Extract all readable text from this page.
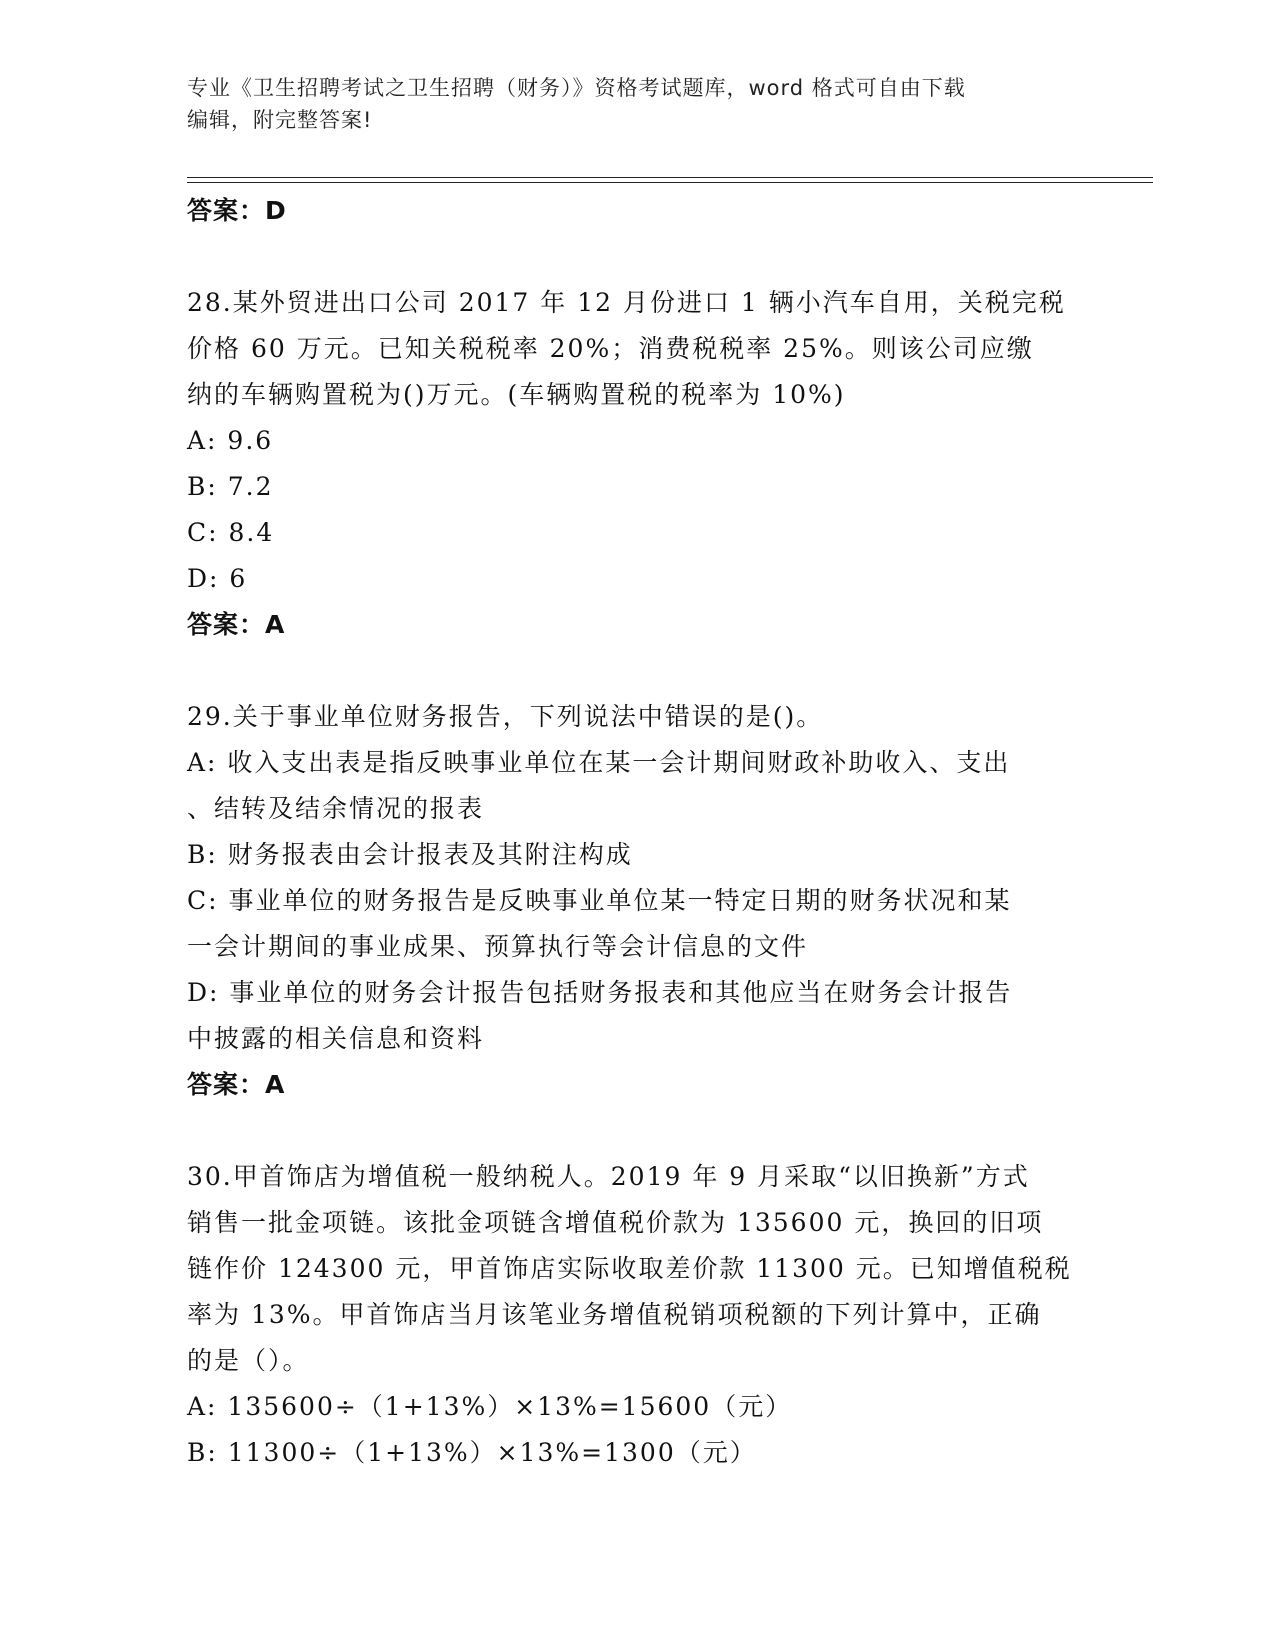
专业《卫生招聘考试之卫生招聘（财务）》资格考试题库，word 格式可自由下载
编辑，附完整答案!
答案：D
28.某外贸进出口公司 2017 年 12 月份进口 1 辆小汽车自用，关税完税
价格 60 万元。已知关税税率 20%；消费税税率 25%。则该公司应缴
纳的车辆购置税为()万元。(车辆购置税的税率为 10%)
A: 9.6
B: 7.2
C: 8.4
D: 6
答案：A
29.关于事业单位财务报告，下列说法中错误的是()。
A: 收入支出表是指反映事业单位在某一会计期间财政补助收入、支出
、结转及结余情况的报表
B: 财务报表由会计报表及其附注构成
C: 事业单位的财务报告是反映事业单位某一特定日期的财务状况和某
一会计期间的事业成果、预算执行等会计信息的文件
D: 事业单位的财务会计报告包括财务报表和其他应当在财务会计报告
中披露的相关信息和资料
答案：A
30.甲首饰店为增值税一般纳税人。2019 年 9 月采取“以旧换新”方式
销售一批金项链。该批金项链含增值税价款为 135600 元，换回的旧项
链作价 124300 元，甲首饰店实际收取差价款 11300 元。已知增值税税
率为 13%。甲首饰店当月该笔业务增值税销项税额的下列计算中，正确
的是（）。
A: 135600÷（1+13%）×13%=15600（元）
B: 11300÷（1+13%）×13%=1300（元）
